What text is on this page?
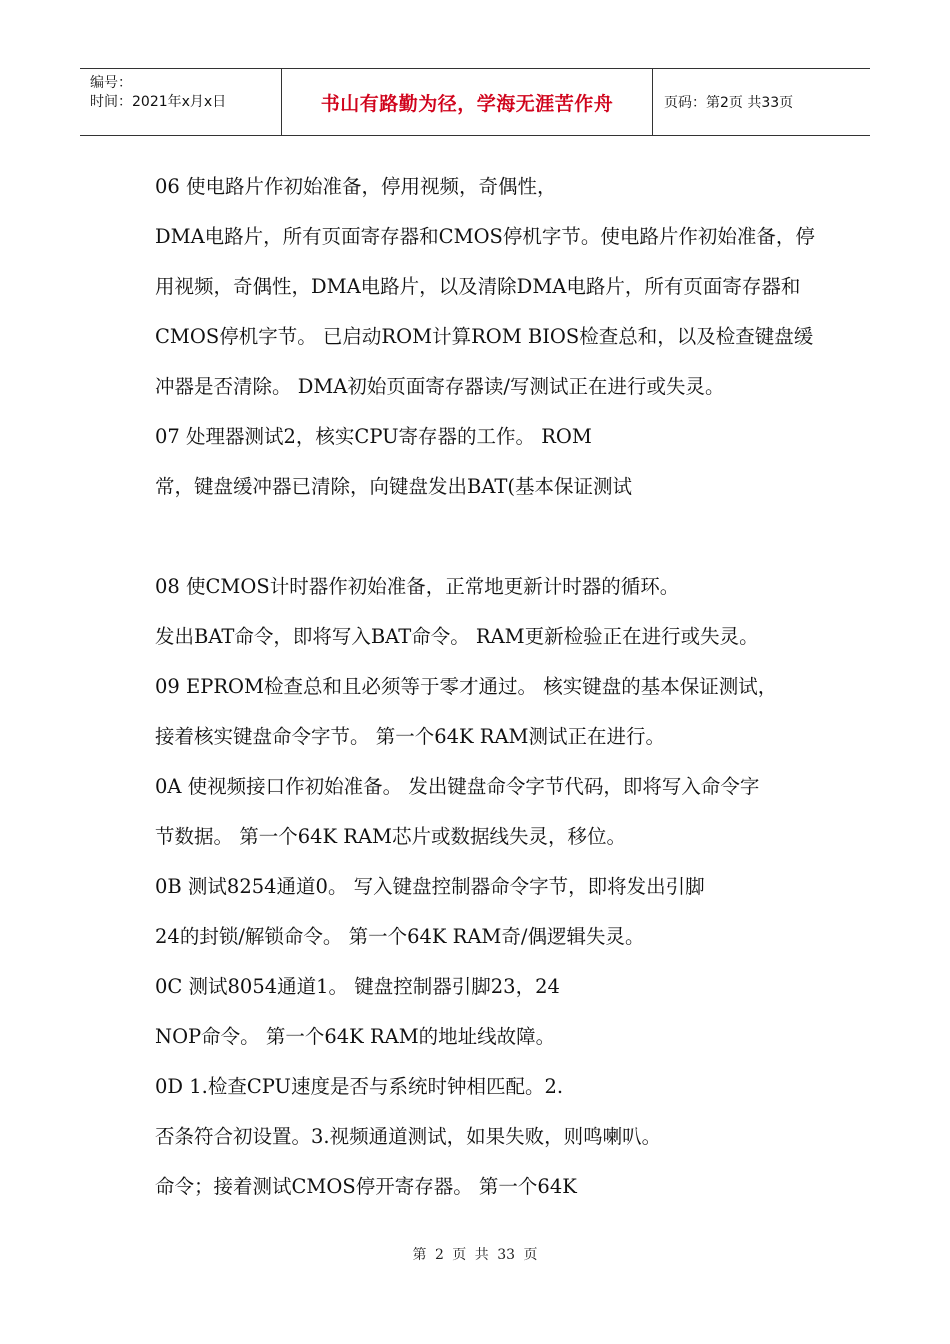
编号：
时间：2021年x月x日	书山有路勤为径，学海无涯苦作舟	页码：第2页 共33页
06 使电路片作初始准备，停用视频，奇偶性，
DMA电路片，所有页面寄存器和CMOS停机字节。使电路片作初始准备，停
用视频，奇偶性，DMA电路片，以及清除DMA电路片，所有页面寄存器和
CMOS停机字节。 已启动ROM计算ROM BIOS检查总和，以及检查键盘缓
冲器是否清除。 DMA初始页面寄存器读/写测试正在进行或失灵。
07 处理器测试2，核实CPU寄存器的工作。 ROM
常，键盘缓冲器已清除，向键盘发出BAT(基本保证测试
08 使CMOS计时器作初始准备，正常地更新计时器的循环。
发出BAT命令，即将写入BAT命令。 RAM更新检验正在进行或失灵。
09 EPROM检查总和且必须等于零才通过。 核实键盘的基本保证测试，
接着核实键盘命令字节。 第一个64K RAM测试正在进行。
0A 使视频接口作初始准备。 发出键盘命令字节代码，即将写入命令字
节数据。 第一个64K RAM芯片或数据线失灵，移位。
0B 测试8254通道0。 写入键盘控制器命令字节，即将发出引脚
24的封锁/解锁命令。 第一个64K RAM奇/偶逻辑失灵。
0C 测试8054通道1。 键盘控制器引脚23，24
NOP命令。 第一个64K RAM的地址线故障。
0D 1.检查CPU速度是否与系统时钟相匹配。2.
否条符合初设置。3.视频通道测试，如果失败，则鸣喇叭。
命令；接着测试CMOS停开寄存器。 第一个64K
第 2 页 共 33 页
